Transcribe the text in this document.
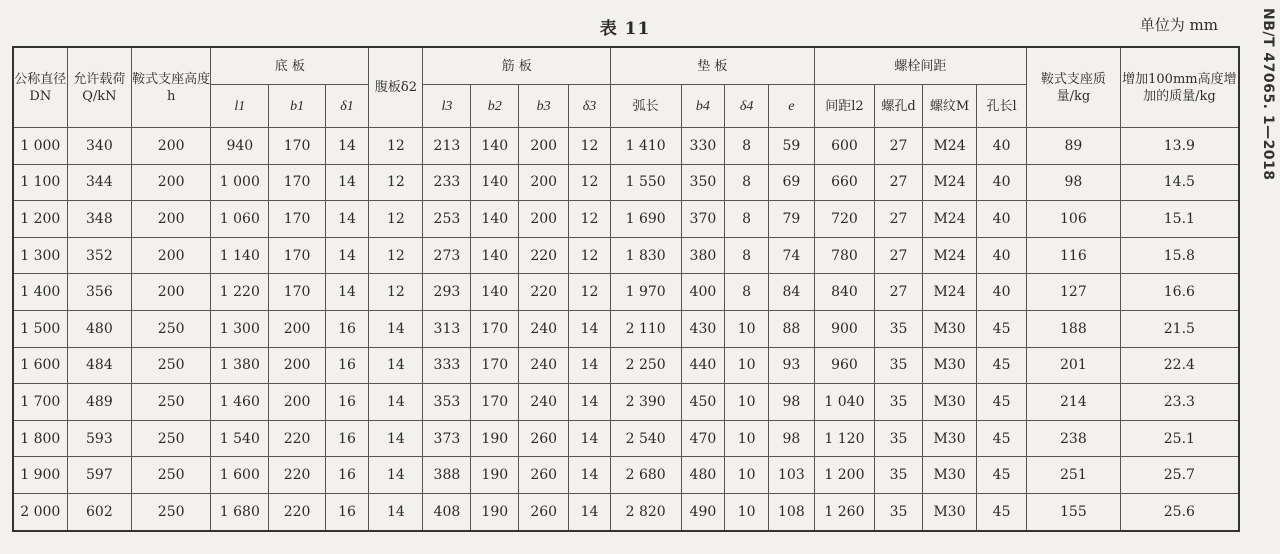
表 11	单位为 mm	NB/T 47065. 1—2018
公称直径DN	允许载荷Q/kN	鞍式支座高度h	底 板			腹板δ2	筋 板				垫 板				螺栓间距				鞍式支座质量/kg	增加100mm高度增加的质量/kg
			l1	b1	δ1		l3	b2	b3	δ3	弧长	b4	δ4	e	间距l2	螺孔d	螺纹M	孔长l		
1 000	340	200	940	170	14	12	213	140	200	12	1 410	330	8	59	600	27	M24	40	89	13.9
1 100	344	200	1 000	170	14	12	233	140	200	12	1 550	350	8	69	660	27	M24	40	98	14.5
1 200	348	200	1 060	170	14	12	253	140	200	12	1 690	370	8	79	720	27	M24	40	106	15.1
1 300	352	200	1 140	170	14	12	273	140	220	12	1 830	380	8	74	780	27	M24	40	116	15.8
1 400	356	200	1 220	170	14	12	293	140	220	12	1 970	400	8	84	840	27	M24	40	127	16.6
1 500	480	250	1 300	200	16	14	313	170	240	14	2 110	430	10	88	900	35	M30	45	188	21.5
1 600	484	250	1 380	200	16	14	333	170	240	14	2 250	440	10	93	960	35	M30	45	201	22.4
1 700	489	250	1 460	200	16	14	353	170	240	14	2 390	450	10	98	1 040	35	M30	45	214	23.3
1 800	593	250	1 540	220	16	14	373	190	260	14	2 540	470	10	98	1 120	35	M30	45	238	25.1
1 900	597	250	1 600	220	16	14	388	190	260	14	2 680	480	10	103	1 200	35	M30	45	251	25.7
2 000	602	250	1 680	220	16	14	408	190	260	14	2 820	490	10	108	1 260	35	M30	45	155	25.6
